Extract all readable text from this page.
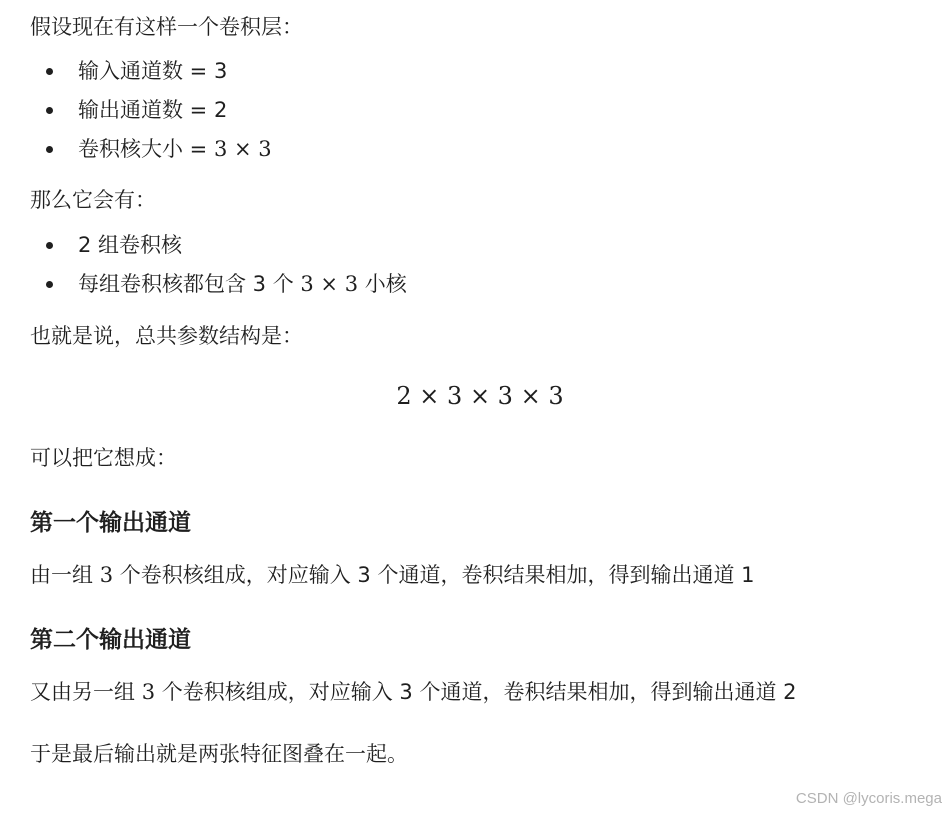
假设现在有这样一个卷积层：

输入通道数 = 3
输出通道数 = 2
卷积核大小 = 3 × 3

那么它会有：

2 组卷积核
每组卷积核都包含 3 个 3 × 3 小核

也就是说，总共参数结构是：

2 × 3 × 3 × 3

可以把它想成：

第一个输出通道

由一组 3 个卷积核组成，对应输入 3 个通道，卷积结果相加，得到输出通道 1

第二个输出通道

又由另一组 3 个卷积核组成，对应输入 3 个通道，卷积结果相加，得到输出通道 2

于是最后输出就是两张特征图叠在一起。

CSDN @lycoris.mega
